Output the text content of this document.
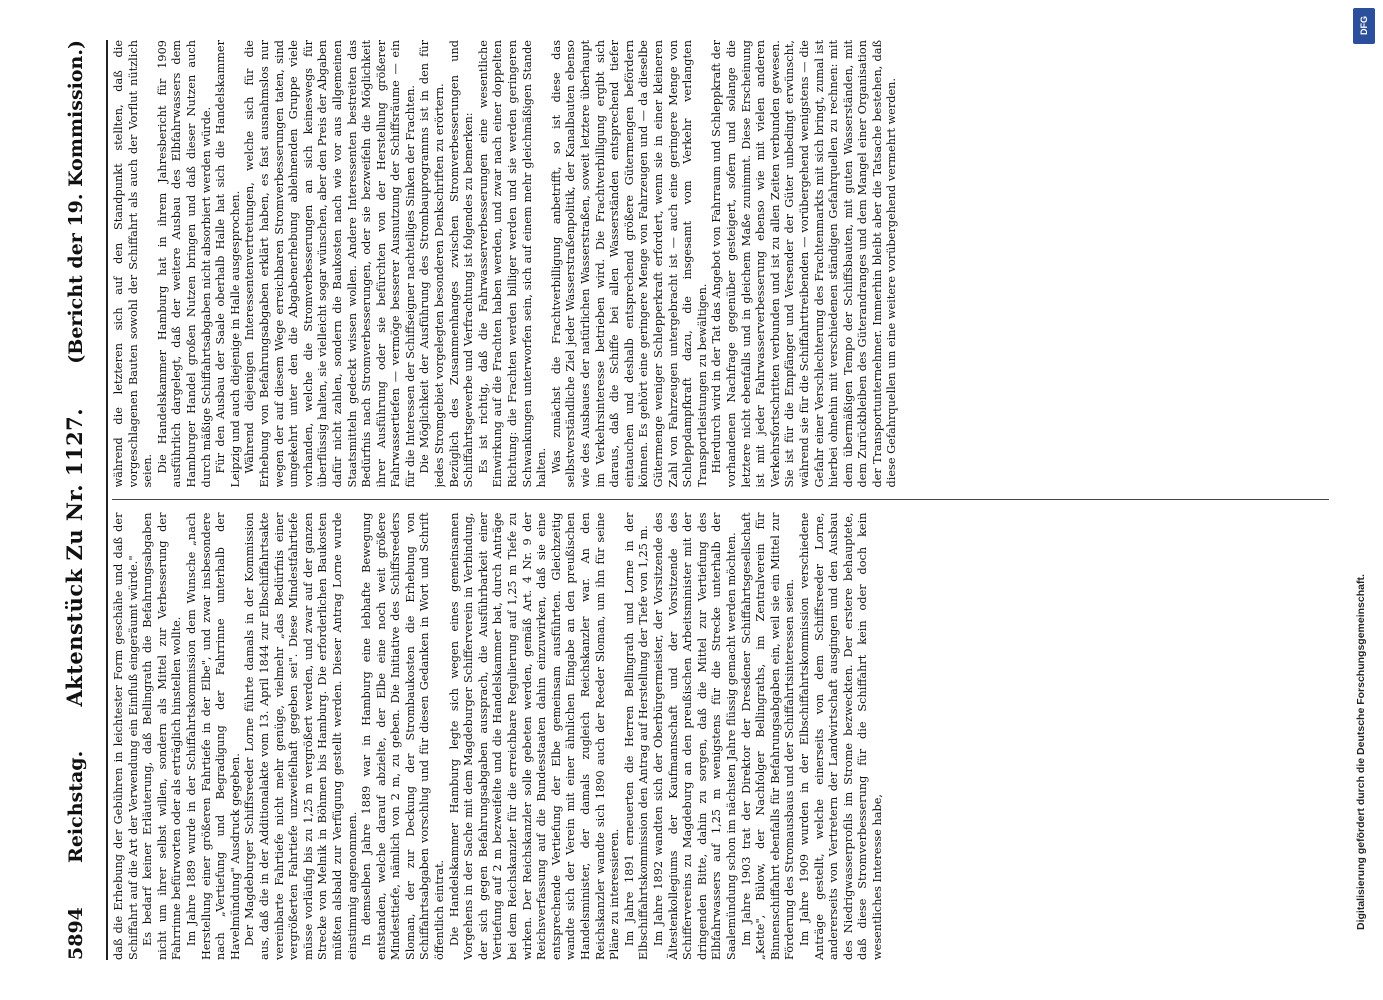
5894
Reichstag.
Aktenstück Zu Nr. 1127.
(Bericht der 19. Kommission.)

daß die Erhebung der Gebühren in leichtester Form geschähe und daß der Schiffahrt auf die Art der Verwendung ein Einfluß eingeräumt würde." Es bedarf keiner Erläuterung, daß Bellingrath die Befahrungsabgaben nicht um ihrer selbst willen, sondern als Mittel zur Verbesserung der Fahrrinne befürworten oder als erträglich hinstellen wollte. Im Jahre 1889 wurde in der Schiffahrtskommission dem Wunsche „nach Herstellung einer größeren Fahrtiefe in der Elbe", und zwar insbesondere nach „Vertiefung und Begradigung der Fahrrinne unterhalb der Havelmündung" Ausdruck gegeben. Der Magdeburger Schiffsreeder Lorne führte damals in der Kommission aus, daß die in der Additionalakte vom 13. April 1844 zur Elbschiffahrtsakte vereinbarte Fahrtiefe nicht mehr genüge, vielmehr „das Bedürfnis einer vergrößerten Fahrtiefe unzweifelhaft gegeben sei". Diese Mindestfahrtiefe müsse vorläufig bis zu 1,25 m vergrößert werden, und zwar auf der ganzen Strecke von Melnik in Böhmen bis Hamburg. Die erforderlichen Baukosten müßten alsbald zur Verfügung gestellt werden. Dieser Antrag Lorne wurde einstimmig angenommen. In demselben Jahre 1889 war in Hamburg eine lebhafte Bewegung entstanden, welche darauf abzielte, der Elbe eine noch weit größere Mindesttiefe, nämlich von 2 m, zu geben. Die Initiative des Schiffsreeders Sloman, der zur Deckung der Strombaukosten die Erhebung von Schiffahrtsabgaben vorschlug und für diesen Gedanken in Wort und Schrift öffentlich eintrat. Die Handelskammer Hamburg legte sich wegen eines gemeinsamen Vorgehens in der Sache mit dem Magdeburger Schifferverein in Verbindung, der sich gegen Befahrungsabgaben aussprach, die Ausführbarkeit einer Vertiefung auf 2 m bezweifelte und die Handelskammer bat, durch Anträge bei dem Reichskanzler für die erreichbare Regulierung auf 1,25 m Tiefe zu wirken. Der Reichskanzler solle gebeten werden, gemäß Art. 4 Nr. 9 der Reichsverfassung auf die Bundesstaaten dahin einzuwirken, daß sie eine entsprechende Vertiefung der Elbe gemeinsam ausführten. Gleichzeitig wandte sich der Verein mit einer ähnlichen Eingabe an den preußischen Handelsminister, der damals zugleich Reichskanzler war. An den Reichskanzler wandte sich 1890 auch der Reeder Sloman, um ihn für seine Pläne zu interessieren. Im Jahre 1891 erneuerten die Herren Bellingrath und Lorne in der Elbschiffahrtskommission den Antrag auf Herstellung der Tiefe von 1,25 m. Im Jahre 1892 wandten sich der Oberbürgermeister, der Vorsitzende des Ältestenkollegiums der Kaufmannschaft und der Vorsitzende des Schiffervereins zu Magdeburg an den preußischen Arbeitsminister mit der dringenden Bitte, dahin zu sorgen, daß die Mittel zur Vertiefung des Elbfahrwassers auf 1,25 m wenigstens für die Strecke unterhalb der Saalemündung schon im nächsten Jahre flüssig gemacht werden möchten. Im Jahre 1903 trat der Direktor der Dresdener Schiffahrtsgesellschaft „Kette", Bülow, der Nachfolger Bellingraths, im Zentralverein für Binnenschiffahrt ebenfalls für Befahrungsabgaben ein, weil sie ein Mittel zur Förderung des Stromausbaus und der Schiffahrtsinteressen seien. Im Jahre 1909 wurden in der Elbschiffahrtskommission verschiedene Anträge gestellt, welche einerseits von dem Schiffsreeder Lorne, andererseits von Vertretern der Landwirtschaft ausgingen und den Ausbau des Niedrigwasserprofils im Strome bezweckten. Der erstere behauptete, daß diese Stromverbesserung für die Schiffahrt kein oder doch kein wesentliches Interesse habe,

während die letzteren sich auf den Standpunkt stellten, daß die vorgeschlagenen Bauten sowohl der Schiffahrt als auch der Vorflut nützlich seien. Die Handelskammer Hamburg hat in ihrem Jahresbericht für 1909 ausführlich dargelegt, daß der weitere Ausbau des Elbfahrwassers dem Hamburger Handel großen Nutzen bringen und daß dieser Nutzen auch durch mäßige Schiffahrtsabgaben nicht absorbiert werden würde. Für den Ausbau der Saale oberhalb Halle hat sich die Handelskammer Leipzig und auch diejenige in Halle ausgesprochen. Während diejenigen Interessentenvertretungen, welche sich für die Erhebung von Befahrungsabgaben erklärt haben, es fast ausnahmslos nur wegen der auf diesem Wege erreichbaren Stromverbesserungen taten, sind umgekehrt unter den die Abgabenerhebung ablehnenden Gruppe viele vorhanden, welche die Stromverbesserungen an sich keineswegs für überflüssig halten, sie vielleicht sogar wünschen, aber den Preis der Abgaben dafür nicht zahlen, sondern die Baukosten nach wie vor aus allgemeinen Staatsmitteln gedeckt wissen wollen. Andere Interessenten bestreiten das Bedürfnis nach Stromverbesserungen, oder sie bezweifeln die Möglichkeit ihrer Ausführung oder sie befürchten von der Herstellung größerer Fahrwassertiefen — vermöge besserer Ausnutzung der Schiffsräume — ein für die Interessen der Schiffseigner nachteiliges Sinken der Frachten. Die Möglichkeit der Ausführung des Strombauprogramms ist in den für jedes Stromgebiet vorgelegten besonderen Denkschriften zu erörtern. Bezüglich des Zusammenhanges zwischen Stromverbesserungen und Schiffahrtsgewerbe und Verfrachtung ist folgendes zu bemerken: Es ist richtig, daß die Fahrwasserverbesserungen eine wesentliche Einwirkung auf die Frachten haben werden, und zwar nach einer doppelten Richtung: die Frachten werden billiger werden und sie werden geringeren Schwankungen unterworfen sein, sich auf einem mehr gleichmäßigen Stande halten. Was zunächst die Frachtverbilligung anbetrifft, so ist diese das selbstverständliche Ziel jeder Wasserstraßenpolitik, der Kanalbauten ebenso wie des Ausbaues der natürlichen Wasserstraßen, soweit letztere überhaupt im Verkehrsinteresse betrieben wird. Die Frachtverbilligung ergibt sich daraus, daß die Schiffe bei allen Wasserständen entsprechend tiefer eintauchen und deshalb entsprechend größere Gütermengen befördern können. Es gehört eine geringere Menge von Fahrzeugen und — da dieselbe Gütermenge weniger Schlepperkraft erfordert, wenn sie in einer kleineren Zahl von Fahrzeugen untergebracht ist — auch eine geringere Menge von Schleppdampfkraft dazu, die insgesamt vom Verkehr verlangten Transportleistungen zu bewältigen. Hierdurch wird in der Tat das Angebot von Fahrraum und Schleppkraft der vorhandenen Nachfrage gegenüber gesteigert, sofern und solange die letztere nicht ebenfalls und in gleichem Maße zunimmt. Diese Erscheinung ist mit jeder Fahrwasserverbesserung ebenso wie mit vielen anderen Verkehrsfortschritten verbunden und ist zu allen Zeiten verbunden gewesen. Sie ist für die Empfänger und Versender der Güter unbedingt erwünscht, während sie für die Schiffahrttreibenden — vorübergehend wenigstens — die Gefahr einer Verschlechterung des Frachtenmarkts mit sich bringt, zumal ist hierbei ohnehin mit verschiedenen ständigen Gefahrquellen zu rechnen: mit dem übermäßigen Tempo der Schiffsbauten, mit guten Wasserständen, mit dem Zurückbleiben des Güterandranges und dem Mangel einer Organisation der Transportunternehmer. Immerhin bleibt aber die Tatsache bestehen, daß diese Gefahrquellen um eine weitere vorübergehend vermehrt werden.

DFG
Digitalisierung gefördert durch die Deutsche Forschungsgemeinschaft.
